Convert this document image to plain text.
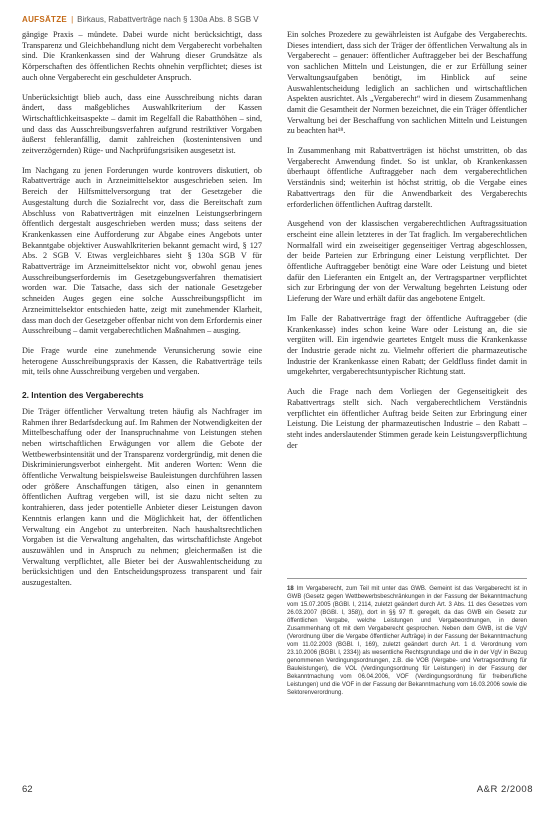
AUFSÄTZE | Birkaus, Rabattverträge nach § 130a Abs. 8 SGB V

gängige Praxis – mündete. Dabei wurde nicht berücksichtigt, dass Transparenz und Gleichbehandlung nicht dem Vergaberecht vorbehalten sind. Die Krankenkassen sind der Wahrung dieser Grundsätze als Körperschaften des öffentlichen Rechts ohnehin verpflichtet; dieses ist auch ohne Vergaberecht ein geschuldeter Anspruch.

Unberücksichtigt blieb auch, dass eine Ausschreibung nichts daran ändert, dass maßgebliches Auswahlkriterium der Kassen Wirtschaftlichkeitsaspekte – damit im Regelfall die Rabatthöhen – sind, und dass das Ausschreibungsverfahren aufgrund restriktiver Vorgaben äußerst fehleranfällig, damit zahlreichen (kostenintensiven und zeitverzögernden) Rüge- und Nachprüfungsrisiken ausgesetzt ist.

Im Nachgang zu jenen Forderungen wurde kontrovers diskutiert, ob Rabattverträge auch in Arzneimittelsektor ausgeschrieben seien. Im Bereich der Hilfsmittelversorgung trat der Gesetzgeber die Ausgestaltung durch die Sozialrecht vor, dass die Bereitschaft zum Abschluss von Rabattverträgen mit einzelnen Leistungserbringern öffentlich dergestalt ausgeschrieben werden muss; dass seitens der Krankenkassen eine Aufforderung zur Abgabe eines Angebots unter Bekanntgabe objektiver Auswahlkriterien bekannt gemacht wird, § 127 Abs. 2 SGB V. Etwas vergleichbares sieht § 130a SGB V für Rabattverträge im Arzneimittelsektor nicht vor, obwohl genau jenes Ausschreibungserfordernis im Gesetzgebungsverfahren thematisiert worden war. Die Tatsache, dass sich der nationale Gesetzgeber schneiden Auges gegen eine solche Ausschreibungspflicht im Arzneimittelsektor entschieden hatte, zeigt mit zunehmender Klarheit, dass man doch der Gesetzgeber offenbar nicht von dem Erfordernis einer Ausschreibung – damit vergaberechtlichen Maßnahmen – ausging.

Die Frage wurde eine zunehmende Verunsicherung sowie eine heterogene Ausschreibungspraxis der Kassen, die Rabattverträge teils mit, teils ohne Ausschreibung vergeben und vergaben.

2. Intention des Vergaberechts

Die Träger öffentlicher Verwaltung treten häufig als Nachfrager im Rahmen ihrer Bedarfsdeckung auf. Im Rahmen der Notwendigkeiten der Mittelbeschaffung oder der Inanspruchnahme von Leistungen stehen neben wirtschaftlichen Erwägungen vor allem die Gebote der Wettbewerbsintensität und der Transparenz vordergründig, mit denen die Diskriminierungsverbot einhergeht. Mit anderen Worten: Wenn die öffentliche Verwaltung beispielsweise Bauleistungen durchführen lassen oder größere Anschaffungen tätigen, also einen in genanntem öffentlichen Auftrag vergeben will, ist sie dazu nicht selten zu kontrahieren, dass jeder potentielle Anbieter dieser Leistungen davon Kenntnis erlangen kann und die Möglichkeit hat, der öffentlichen Verwaltung ein Angebot zu unterbreiten. Nach haushaltsrechtlichen Vorgaben ist die Verwaltung angehalten, das wirtschaftlichste Angebot auszuwählen und in Anspruch zu nehmen; gleichermaßen ist die Verwaltung verpflichtet, alle Bieter bei der Auswahlentscheidung zu berücksichtigen und den Entscheidungsprozess transparent und fair auszugestalten.

Ein solches Prozedere zu gewährleisten ist Aufgabe des Vergaberechts. Dieses intendiert, dass sich der Träger der öffentlichen Verwaltung als in Vergaberecht – genauer: öffentlicher Auftraggeber bei der Beschaffung von sachlichen Mitteln und Leistungen, die er zur Erfüllung seiner Verwaltungsaufgaben benötigt, im Hinblick auf seine Auswahlentscheidung lediglich an sachlichen und wirtschaftlichen Aspekten ausrichtet. Als „Vergaberecht“ wird in diesem Zusammenhang damit die Gesamtheit der Normen bezeichnet, die ein Träger öffentlicher Verwaltung bei der Beschaffung von sachlichen Mitteln und Leistungen zu beachten hat¹⁸.

In Zusammenhang mit Rabattverträgen ist höchst umstritten, ob das Vergaberecht Anwendung findet. So ist unklar, ob Krankenkassen überhaupt öffentliche Auftraggeber nach dem vergaberechtlichen Verständnis sind; weiterhin ist höchst strittig, ob die Vergabe eines Rabattvertrags den für die Anwendbarkeit des Vergaberechts erforderlichen öffentlichen Auftrag darstellt.

Ausgehend von der klassischen vergaberechtlichen Auftragssituation erscheint eine allein letzteres in der Tat fraglich. Im vergaberechtlichen Normalfall wird ein zweiseitiger gegenseitiger Vertrag abgeschlossen, der beide Parteien zur Erbringung einer Leistung verpflichtet. Der öffentliche Auftraggeber benötigt eine Ware oder Leistung und bietet dafür den Lieferanten ein Entgelt an, der Vertragspartner verpflichtet sich zur Erbringung der von der Verwaltung begehrten Leistung oder Lieferung der Ware und erhält dafür das angebotene Entgelt.

Im Falle der Rabattverträge fragt der öffentliche Auftraggeber (die Krankenkasse) indes schon keine Ware oder Leistung an, die sie vergüten will. Ein irgendwie geartetes Entgelt muss die Krankenkasse der Industrie gerade nicht zu. Vielmehr offeriert die pharmazeutische Industrie der Krankenkasse einen Rabatt; der Geldfluss findet damit in umgekehrter, vergaberechtsuntypischer Richtung statt.

Auch die Frage nach dem Vorliegen der Gegenseitigkeit des Rabattvertrags stellt sich. Nach vergaberechtlichem Verständnis verpflichtet ein öffentlicher Auftrag beide Seiten zur Erbringung einer Leistung. Die Leistung der pharmazeutischen Industrie – den Rabatt – steht indes anderslautender Stimmen gerade kein Leistungsverpflichtung der

18 Im Vergaberecht, zum Teil mit unter das GWB. Gemeint ist das Vergaberecht ist in GWB (Gesetz gegen Wettbewerbsbeschränkungen in der Fassung der Bekanntmachung vom 15.07.2005 (BGBl. I, 2114, zuletzt geändert durch Art. 3 Abs. 11 des Gesetzes vom 26.03.2007 (BGBl. I, 358)), dort in §§ 97 ff. geregelt, da das GWB ein Gesetz zur öffentlichen Vergabe, welche Leistungen und Vergabeordnungen, in deren Zusammenhang oft mit dem Vergaberecht gesprochen. Neben dem GWB, ist die VgV (Verordnung über die Vergabe öffentlicher Aufträge) in der Fassung der Bekanntmachung vom 11.02.2003 (BGBl. I, 169), zuletzt geändert durch Art. 1 d. Verordnung vom 23.10.2006 (BGBl. I, 2334)) als wesentliche Rechtsgrundlage und die in der VgV in Bezug genommenen Verdingungsordnungen, z.B. die VOB (Vergabe- und Vertragsordnung für Bauleistungen), die VOL (Verdingungsordnung für Leistungen) in der Fassung der Bekanntmachung vom 06.04.2006, VOF (Verdingungsordnung für freiberufliche Leistungen) und die VOF in der Fassung der Bekanntmachung vom 16.03.2006 sowie die Sektorenverordnung.
62	A&R 2/2008
